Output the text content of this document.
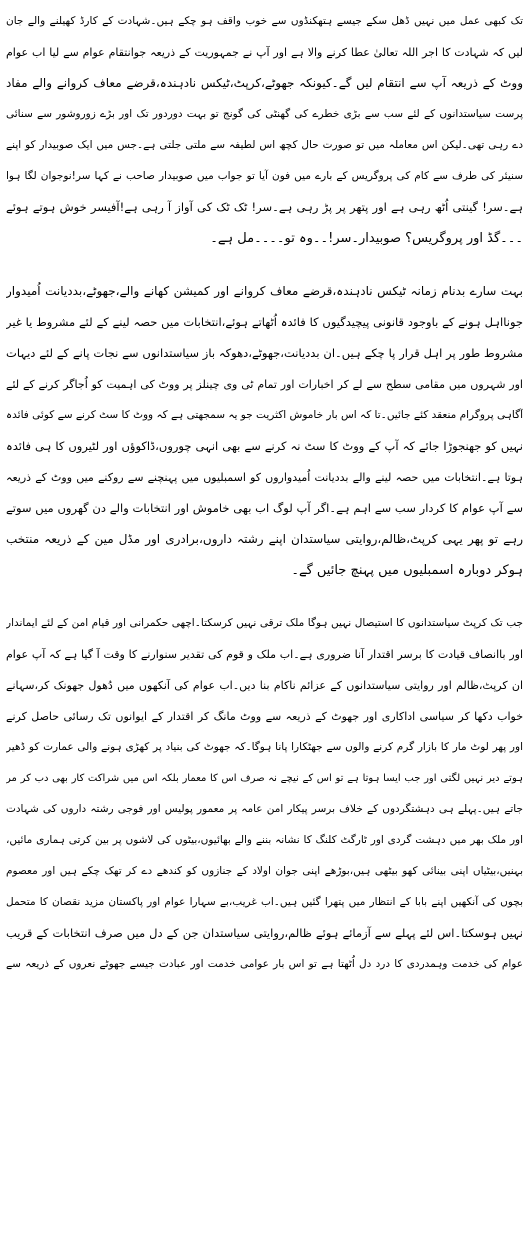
تک کبھی عمل میں نہیں ڈھل سکے جیسے ہتھکنڈوں سے خوب واقف ہو چکے ہیں۔شہادت کے کارڈ کھیلنے والے جان
لیں کہ شہادت کا اجر اللہ تعالیٰ عطا کرنے والا ہے اور آپ نے جمہوریت کے ذریعہ جوانتقام عوام سے لیا اب عوام
ووٹ کے ذریعہ آپ سے انتقام لیں گے۔کیونکہ جھوٹے،کرپٹ،ٹیکس نادہندہ،قرضے معاف کروانے والے مفاد
پرست سیاستدانوں کے لئے سب سے بڑی خطرے کی گھنٹی کی گونج تو بہت دوردور تک اور بڑے زوروشور سے سنائی
دے رہی تھی۔لیکن اس معاملہ میں تو صورت حال کچھ اس لطیفہ سے ملتی جلتی ہے۔جس میں ایک صوبیدار کو اپنے
سنیئر کی طرف سے کام کی پروگریس کے بارے میں فون آیا تو جواب میں صوبیدار صاحب نے کہا سر!نوجوان لگا ہوا
ہے۔سر! گینتی اُٹھ رہی ہے اور پتھر پر پڑ رہی ہے۔سر! ٹک ٹک کی آواز آ رہی ہے!آفیسر خوش ہوتے ہوئے
۔۔۔گڈ اور پروگریس؟ صوبیدار۔سر!۔۔وہ تو۔۔۔۔مل ہے۔
بہت سارے بدنام زمانہ ٹیکس نادہندہ،قرضے معاف کروانے اور کمیشن کھانے والے،جھوٹے،بددیانت اُمیدوار
جونااہل ہونے کے باوجود قانونی پیچیدگیوں کا فائدہ اُٹھاتے ہوئے،انتخابات میں حصہ لینے کے لئے مشروط یا غیر
مشروط طور پر اہل قرار پا چکے ہیں۔ان بددیانت،جھوٹے،دھوکہ باز سیاستدانوں سے نجات پانے کے لئے دیہات
اور شہروں میں مقامی سطح سے لے کر اخبارات اور تمام ٹی وی چینلز پر ووٹ کی اہمیت کو اُجاگر کرنے کے لئے
آگاہی پروگرام منعقد کئے جائیں۔تا کہ اس بار خاموش اکثریت جو یہ سمجھتی ہے کہ ووٹ کا سٹ کرنے سے کوئی فائدہ
نہیں کو جھنجوڑا جائے کہ آپ کے ووٹ کا سٹ نہ کرنے سے بھی انہی چوروں،ڈاکوؤں اور لٹیروں کا ہی فائدہ
ہوتا ہے۔انتخابات میں حصہ لینے والے بددیانت اُمیدواروں کو اسمبلیوں میں پہنچنے سے روکنے میں ووٹ کے ذریعہ
سے آپ عوام کا کردار سب سے اہم ہے۔اگر آپ لوگ اب بھی خاموش اور انتخابات والے دن گھروں میں سوتے
رہے تو پھر یہی کرپٹ،ظالم،روایتی سیاستدان اپنے رشتہ داروں،برادری اور مڈل مین کے ذریعہ منتخب
ہوکر دوبارہ اسمبلیوں میں پہنچ جائیں گے۔
جب تک کرپٹ سیاستدانوں کا استیصال نہیں ہوگا ملک ترقی نہیں کرسکتا۔اچھی حکمرانی اور قیام امن کے لئے ایماندار
اور باانصاف قیادت کا برسر اقتدار آنا ضروری ہے۔اب ملک و قوم کی تقدیر سنوارنے کا وقت آ گیا ہے کہ آپ عوام
ان کرپٹ،ظالم اور روایتی سیاستدانوں کے عزائم ناکام بنا دیں۔اب عوام کی آنکھوں میں دُھول جھونک کر،سہانے
خواب دکھا کر سیاسی اداکاری اور جھوٹ کے ذریعہ سے ووٹ مانگ کر اقتدار کے ایوانوں تک رسائی حاصل کرنے
اور پھر لوٹ مار کا بازار گرم کرنے والوں سے جھٹکارا پانا ہوگا۔کہ جھوٹ کی بنیاد پر کھڑی ہونے والی عمارت کو ڈھیر
ہوتے دیر نہیں لگتی اور جب ایسا ہوتا ہے تو اس کے نیچے نہ صرف اس کا معمار بلکہ اس میں شراکت کار بھی دب کر مر
جاتے ہیں۔پہلے ہی دہشتگردوں کے خلاف برسر پیکار امن عامہ پر معمور پولیس اور فوجی رشتہ داروں کی شہادت
اور ملک بھر میں دہشت گردی اور ٹارگٹ کلنگ کا نشانہ بننے والے بھائیوں،بیٹوں کی لاشوں پر بین کرتی ہماری مائیں،
بہنیں،بیٹیاں اپنی بینائی کھو بیٹھی ہیں،بوڑھے اپنی جوان اولاد کے جنازوں کو کندھے دے کر تھک چکے ہیں اور معصوم
بچوں کی آنکھیں اپنے بابا کے انتظار میں پتھرا گئیں ہیں۔اب غریب،بے سہارا عوام اور پاکستان مزید نقصان کا متحمل
نہیں ہوسکتا۔اس لئے پہلے سے آزمائے ہوئے ظالم،روایتی سیاستدان جن کے دل میں صرف انتخابات کے قریب
عوام کی خدمت وہمدردی کا درد دل اُٹھتا ہے تو اس بار عوامی خدمت اور عبادت جیسے جھوٹے نعروں کے ذریعہ سے
